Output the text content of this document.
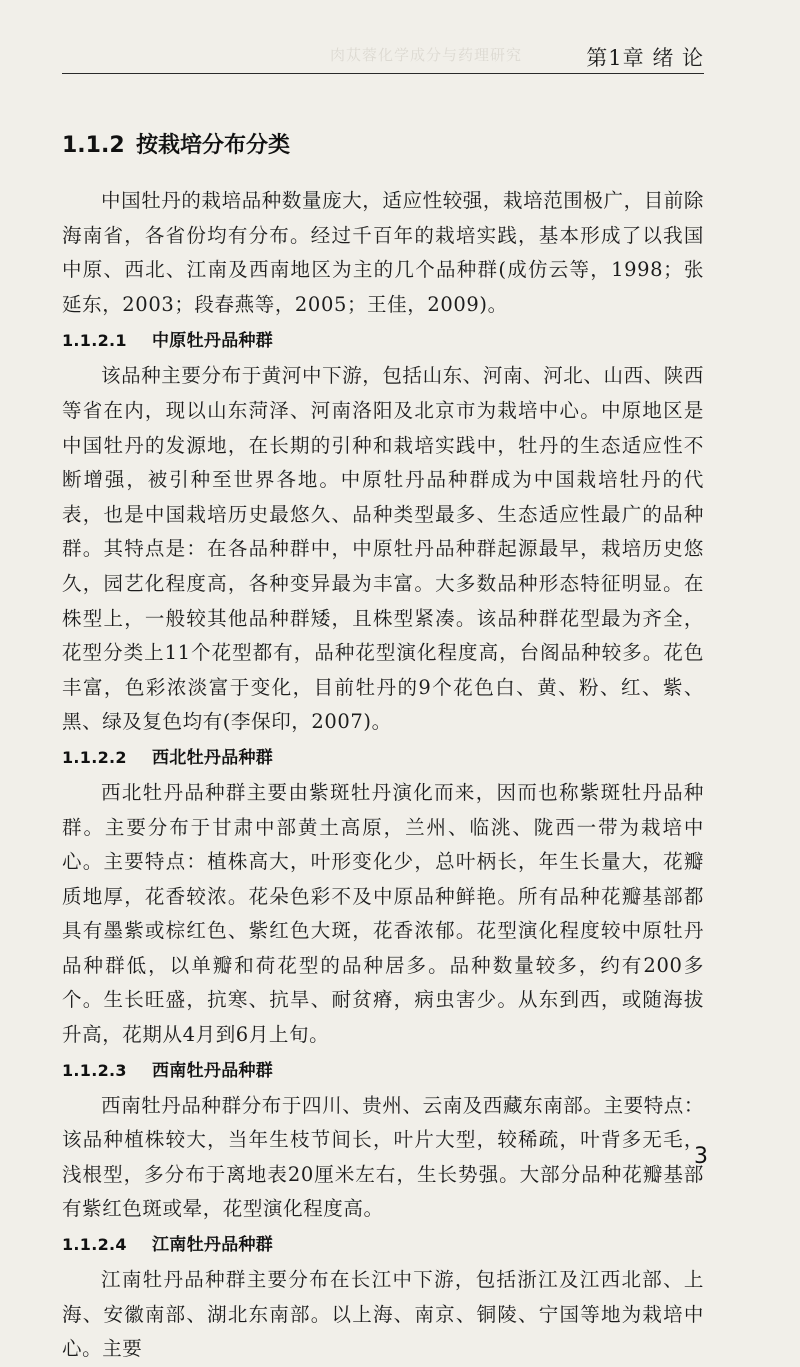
肉苁蓉化学成分与药理研究	第1章 绪 论
1.1.2 按栽培分布分类

中国牡丹的栽培品种数量庞大，适应性较强，栽培范围极广，目前除海南省，各省份均有分布。经过千百年的栽培实践，基本形成了以我国中原、西北、江南及西南地区为主的几个品种群(成仿云等，1998；张延东，2003；段春燕等，2005；王佳，2009)。

1.1.2.1 中原牡丹品种群

该品种主要分布于黄河中下游，包括山东、河南、河北、山西、陕西等省在内，现以山东菏泽、河南洛阳及北京市为栽培中心。中原地区是中国牡丹的发源地，在长期的引种和栽培实践中，牡丹的生态适应性不断增强，被引种至世界各地。中原牡丹品种群成为中国栽培牡丹的代表，也是中国栽培历史最悠久、品种类型最多、生态适应性最广的品种群。其特点是：在各品种群中，中原牡丹品种群起源最早，栽培历史悠久，园艺化程度高，各种变异最为丰富。大多数品种形态特征明显。在株型上，一般较其他品种群矮，且株型紧凑。该品种群花型最为齐全，花型分类上11个花型都有，品种花型演化程度高，台阁品种较多。花色丰富，色彩浓淡富于变化，目前牡丹的9个花色白、黄、粉、红、紫、黑、绿及复色均有(李保印，2007)。

1.1.2.2 西北牡丹品种群

西北牡丹品种群主要由紫斑牡丹演化而来，因而也称紫斑牡丹品种群。主要分布于甘肃中部黄土高原，兰州、临洮、陇西一带为栽培中心。主要特点：植株高大，叶形变化少，总叶柄长，年生长量大，花瓣质地厚，花香较浓。花朵色彩不及中原品种鲜艳。所有品种花瓣基部都具有墨紫或棕红色、紫红色大斑，花香浓郁。花型演化程度较中原牡丹品种群低，以单瓣和荷花型的品种居多。品种数量较多，约有200多个。生长旺盛，抗寒、抗旱、耐贫瘠，病虫害少。从东到西，或随海拔升高，花期从4月到6月上旬。

1.1.2.3 西南牡丹品种群

西南牡丹品种群分布于四川、贵州、云南及西藏东南部。主要特点：该品种植株较大，当年生枝节间长，叶片大型，较稀疏，叶背多无毛，浅根型，多分布于离地表20厘米左右，生长势强。大部分品种花瓣基部有紫红色斑或晕，花型演化程度高。

1.1.2.4 江南牡丹品种群

江南牡丹品种群主要分布在长江中下游，包括浙江及江西北部、上海、安徽南部、湖北东南部。以上海、南京、铜陵、宁国等地为栽培中心。主要

3
